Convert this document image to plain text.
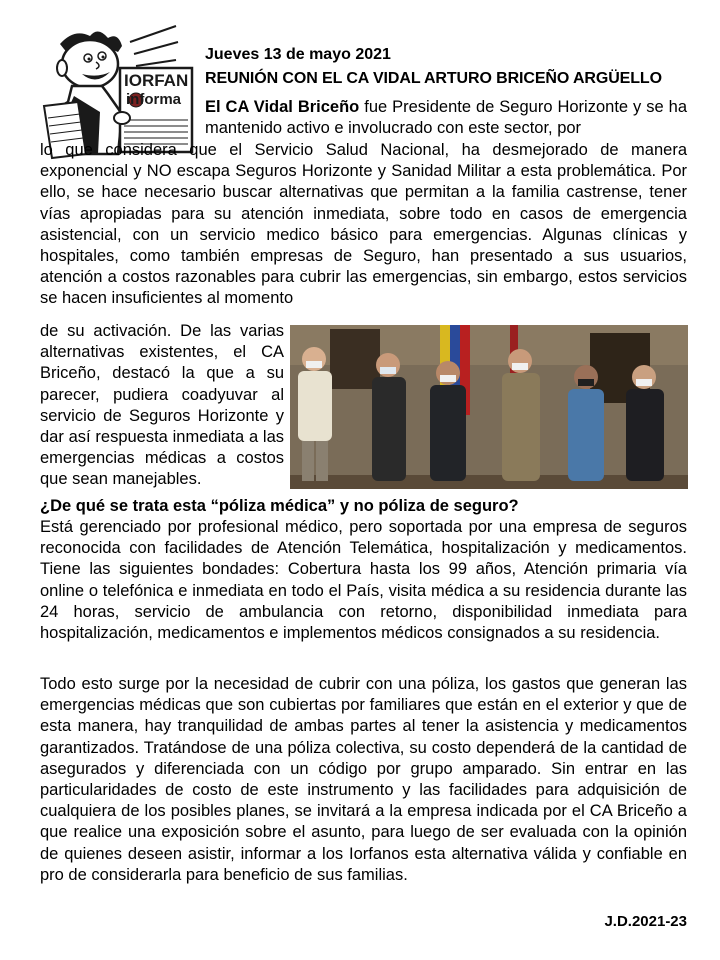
IORFAN
informa

Jueves 13 de mayo 2021

REUNIÓN CON EL CA VIDAL ARTURO BRICEÑO ARGÜELLO

El CA Vidal Briceño fue Presidente de Seguro Horizonte y se ha mantenido activo e involucrado con este sector, por

lo que considera que el Servicio Salud Nacional, ha desmejorado de manera exponencial y NO escapa Seguros Horizonte y Sanidad Militar a esta problemática. Por ello, se hace necesario buscar alternativas que permitan a la familia castrense, tener vías apropiadas para su atención inmediata, sobre todo en casos de emergencia asistencial, con un servicio medico básico para emergencias. Algunas clínicas y hospitales, como también empresas de Seguro, han presentado a sus usuarios, atención a costos razonables para cubrir las emergencias, sin embargo, estos servicios se hacen insuficientes al momento

de su activación. De las varias alternativas existentes, el CA Briceño, destacó la que a su parecer, pudiera coadyuvar al servicio de Seguros Horizonte y dar así respuesta inmediata a las emergencias médicas a costos que sean manejables.

¿De qué se trata esta “póliza médica” y no póliza de seguro?

Está gerenciado por profesional médico, pero soportada por una empresa de seguros reconocida con facilidades de Atención Telemática, hospitalización y medicamentos. Tiene las siguientes bondades: Cobertura hasta los 99 años, Atención primaria vía online o telefónica e inmediata en todo el País, visita médica a su residencia durante las 24 horas, servicio de ambulancia con retorno, disponibilidad inmediata para hospitalización, medicamentos e implementos médicos consignados a su residencia.

Todo esto surge por la necesidad de cubrir con una póliza, los gastos que generan las emergencias médicas que son cubiertas por familiares que están en el exterior y que de esta manera, hay tranquilidad de ambas partes al tener la asistencia y medicamentos garantizados. Tratándose de una póliza colectiva, su costo dependerá de la cantidad de asegurados y diferenciada con un código por grupo amparado. Sin entrar en las particularidades de costo de este instrumento y las facilidades para adquisición de cualquiera de los posibles planes, se invitará a la empresa indicada por el CA Briceño a que realice una exposición sobre el asunto, para luego de ser evaluada con la opinión de quienes deseen asistir, informar a los Iorfanos esta alternativa válida y confiable en pro de considerarla para beneficio de sus familias.

J.D.2021-23
